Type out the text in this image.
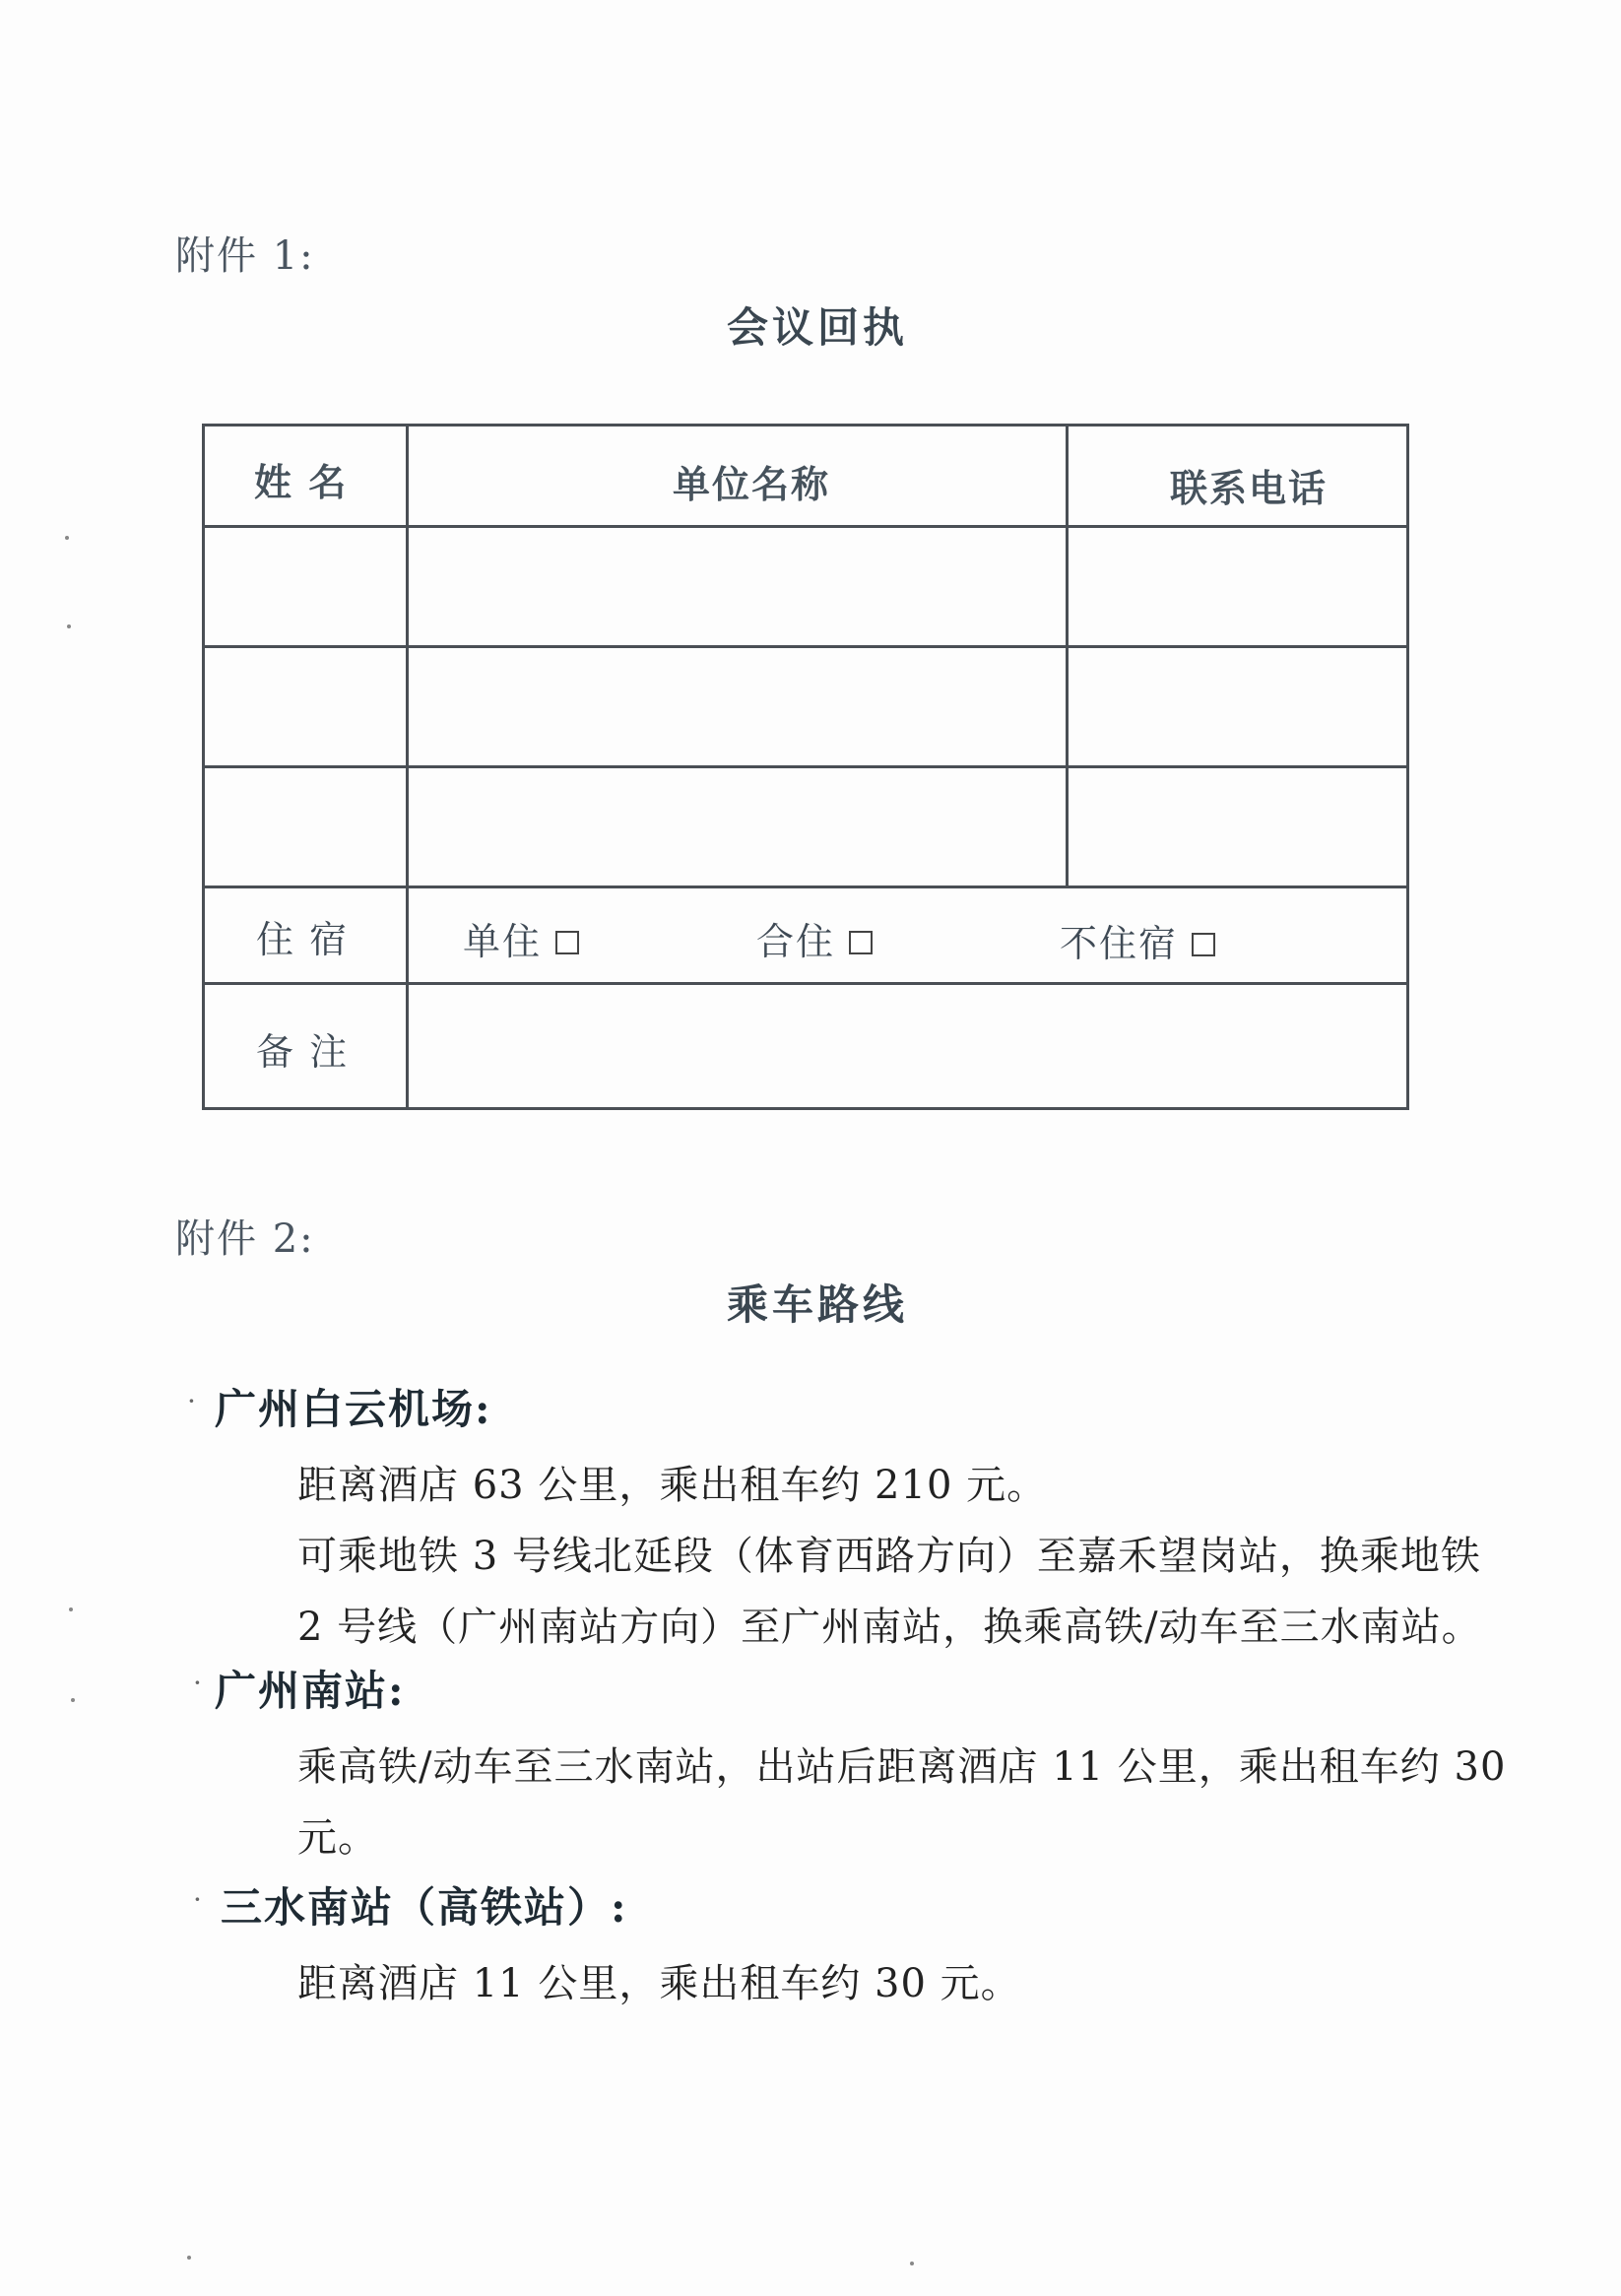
附件 1:
会议回执
姓 名	单位名称	联系电话
住 宿	单住	合住	不住宿
备 注
附件 2:
乘车路线
· 广州白云机场:
距离酒店 63 公里，乘出租车约 210 元。
可乘地铁 3 号线北延段（体育西路方向）至嘉禾望岗站，换乘地铁
2 号线（广州南站方向）至广州南站，换乘高铁/动车至三水南站。
· 广州南站:
乘高铁/动车至三水南站，出站后距离酒店 11 公里，乘出租车约 30
元。
· 三水南站（高铁站）:
距离酒店 11 公里，乘出租车约 30 元。
